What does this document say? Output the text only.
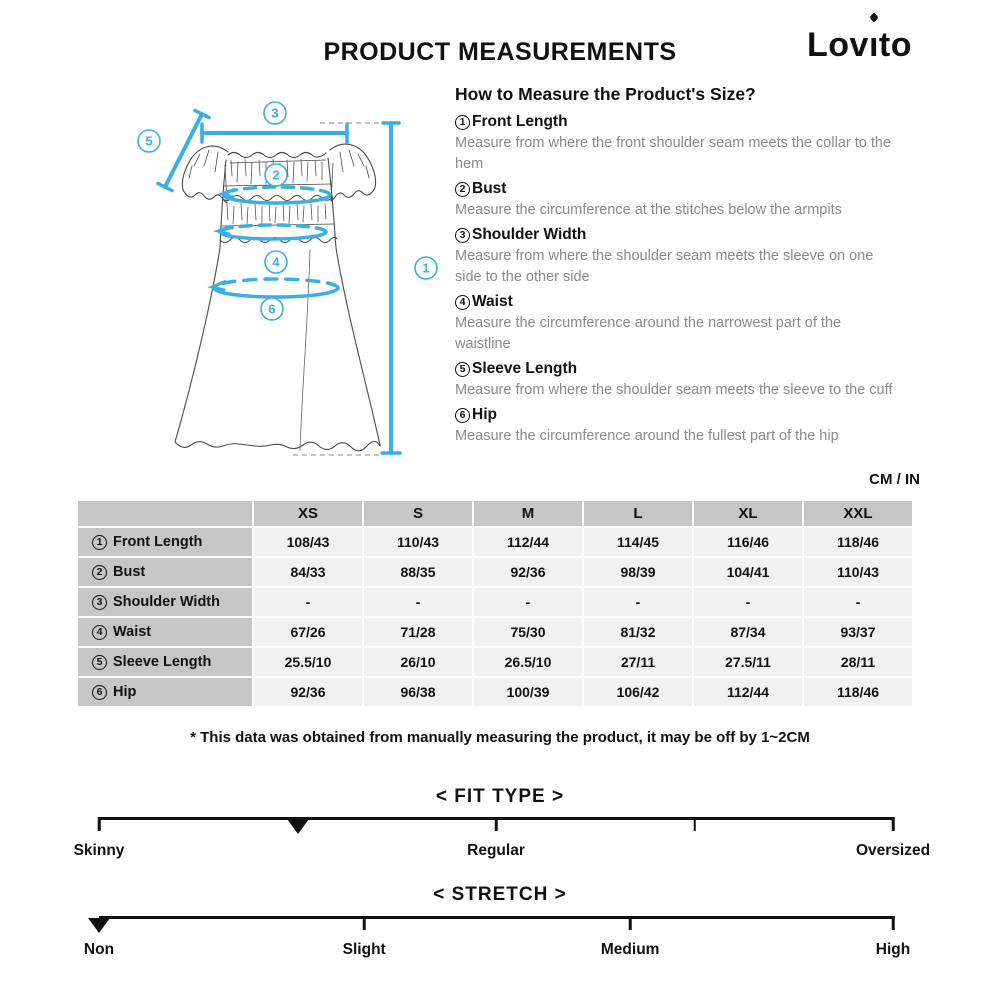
PRODUCT MEASUREMENTS	Lovı
to
3
5
2
4
6
1
How to Measure the Product's Size?
1 Front Length
Measure from where the front shoulder seam meets the collar to the hem
2 Bust
Measure the circumference at the stitches below the armpits
3 Shoulder Width
Measure from where the shoulder seam meets the sleeve on one side to the other side
4 Waist
Measure the circumference around the narrowest part of the waistline
5 Sleeve Length
Measure from where the shoulder seam meets the sleeve to the cuff
6 Hip
Measure the circumference around the fullest part of the hip
CM / IN
	XS	S	M	L	XL	XXL

1 Front Length	108/43	110/43	112/44	114/45	116/46	118/46

2 Bust	84/33	88/35	92/36	98/39	104/41	110/43

3 Shoulder Width	-	-	-	-	-	-

4 Waist	67/26	71/28	75/30	81/32	87/34	93/37

5 Sleeve Length	25.5/10	26/10	26.5/10	27/11	27.5/11	28/11

6 Hip	92/36	96/38	100/39	106/42	112/44	118/46
* This data was obtained from manually measuring the product, it may be off by 1~2CM
< FIT TYPE >
Skinny	Regular	Oversized
< STRETCH >
Non	Slight	Medium	High
